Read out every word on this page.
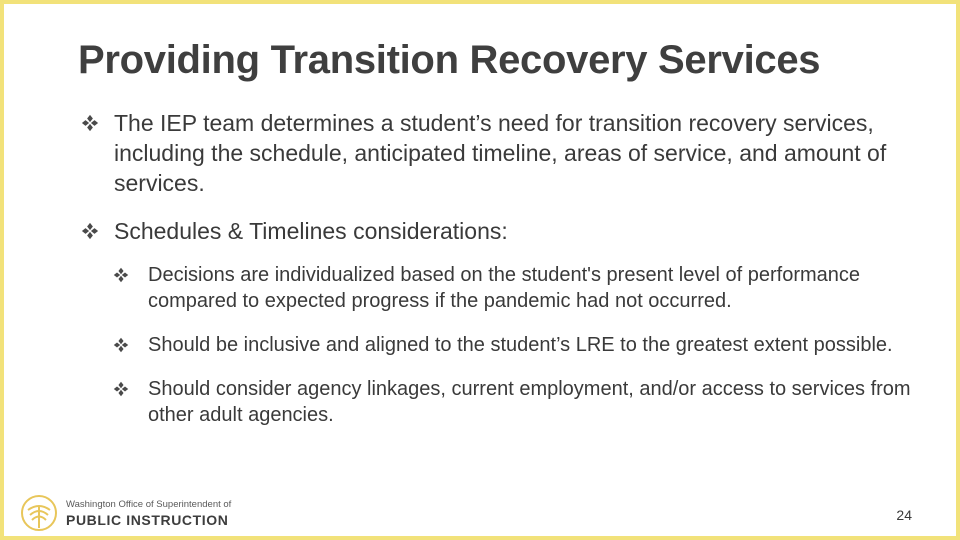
Providing Transition Recovery Services
The IEP team determines a student’s need for transition recovery services, including the schedule, anticipated timeline, areas of service, and amount of services.
Schedules & Timelines considerations:
Decisions are individualized based on the student's present level of performance compared to expected progress if the pandemic had not occurred.
Should be inclusive and aligned to the student’s LRE to the greatest extent possible.
Should consider agency linkages, current employment, and/or access to services from other adult agencies.
Washington Office of Superintendent of
PUBLIC INSTRUCTION	24
